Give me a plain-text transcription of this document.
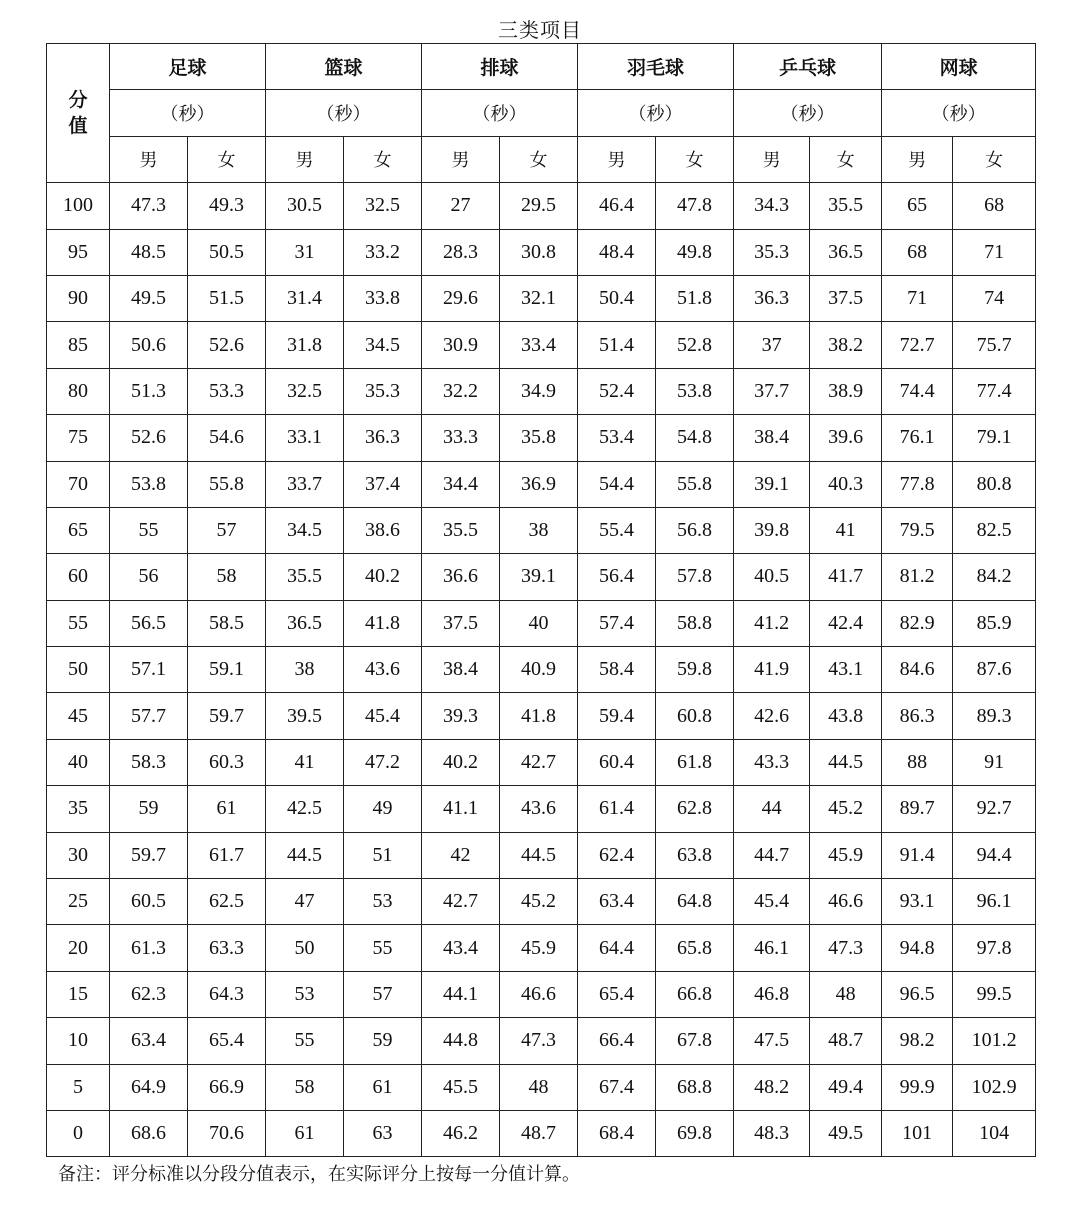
三类项目
分值	足球		篮球		排球		羽毛球		乒乓球		网球	
	（秒）		（秒）		（秒）		（秒）		（秒）		（秒）	
	男	女	男	女	男	女	男	女	男	女	男	女
100	47.3	49.3	30.5	32.5	27	29.5	46.4	47.8	34.3	35.5	65	68
95	48.5	50.5	31	33.2	28.3	30.8	48.4	49.8	35.3	36.5	68	71
90	49.5	51.5	31.4	33.8	29.6	32.1	50.4	51.8	36.3	37.5	71	74
85	50.6	52.6	31.8	34.5	30.9	33.4	51.4	52.8	37	38.2	72.7	75.7
80	51.3	53.3	32.5	35.3	32.2	34.9	52.4	53.8	37.7	38.9	74.4	77.4
75	52.6	54.6	33.1	36.3	33.3	35.8	53.4	54.8	38.4	39.6	76.1	79.1
70	53.8	55.8	33.7	37.4	34.4	36.9	54.4	55.8	39.1	40.3	77.8	80.8
65	55	57	34.5	38.6	35.5	38	55.4	56.8	39.8	41	79.5	82.5
60	56	58	35.5	40.2	36.6	39.1	56.4	57.8	40.5	41.7	81.2	84.2
55	56.5	58.5	36.5	41.8	37.5	40	57.4	58.8	41.2	42.4	82.9	85.9
50	57.1	59.1	38	43.6	38.4	40.9	58.4	59.8	41.9	43.1	84.6	87.6
45	57.7	59.7	39.5	45.4	39.3	41.8	59.4	60.8	42.6	43.8	86.3	89.3
40	58.3	60.3	41	47.2	40.2	42.7	60.4	61.8	43.3	44.5	88	91
35	59	61	42.5	49	41.1	43.6	61.4	62.8	44	45.2	89.7	92.7
30	59.7	61.7	44.5	51	42	44.5	62.4	63.8	44.7	45.9	91.4	94.4
25	60.5	62.5	47	53	42.7	45.2	63.4	64.8	45.4	46.6	93.1	96.1
20	61.3	63.3	50	55	43.4	45.9	64.4	65.8	46.1	47.3	94.8	97.8
15	62.3	64.3	53	57	44.1	46.6	65.4	66.8	46.8	48	96.5	99.5
10	63.4	65.4	55	59	44.8	47.3	66.4	67.8	47.5	48.7	98.2	101.2
5	64.9	66.9	58	61	45.5	48	67.4	68.8	48.2	49.4	99.9	102.9
0	68.6	70.6	61	63	46.2	48.7	68.4	69.8	48.3	49.5	101	104
备注：评分标准以分段分值表示，在实际评分上按每一分值计算。
